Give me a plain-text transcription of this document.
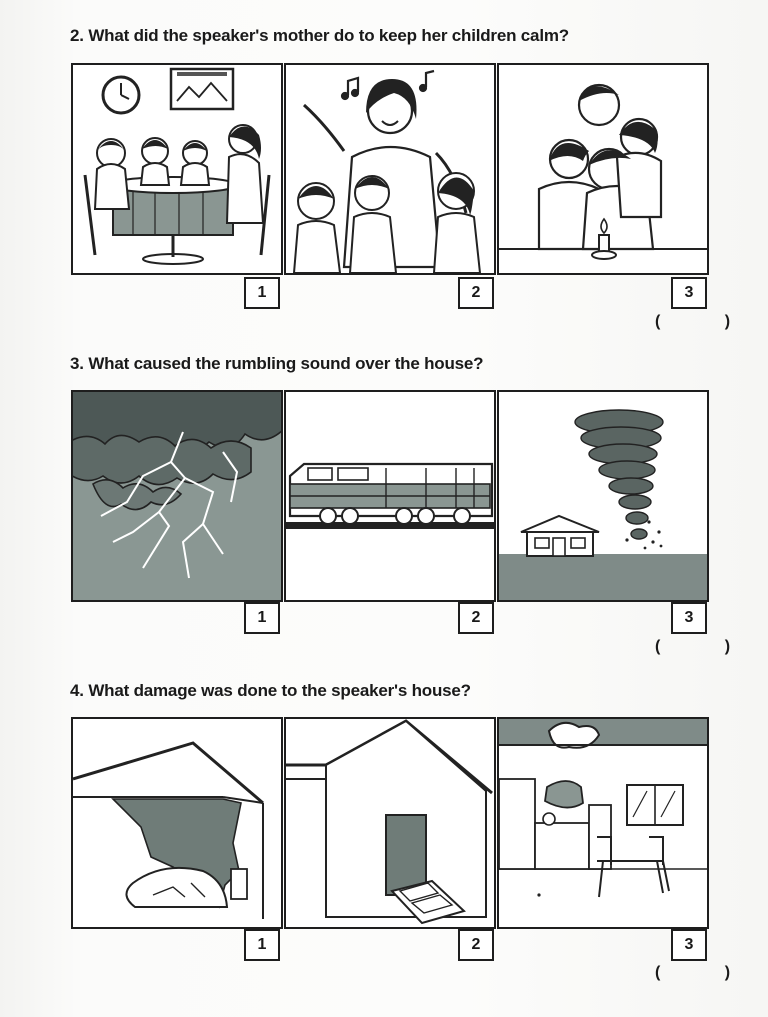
2. What did the speaker's mother do to keep her children calm?
1	2	3
( )
3. What caused the rumbling sound over the house?
1	2	3
( )
4. What damage was done to the speaker's house?
1	2	3
( )
